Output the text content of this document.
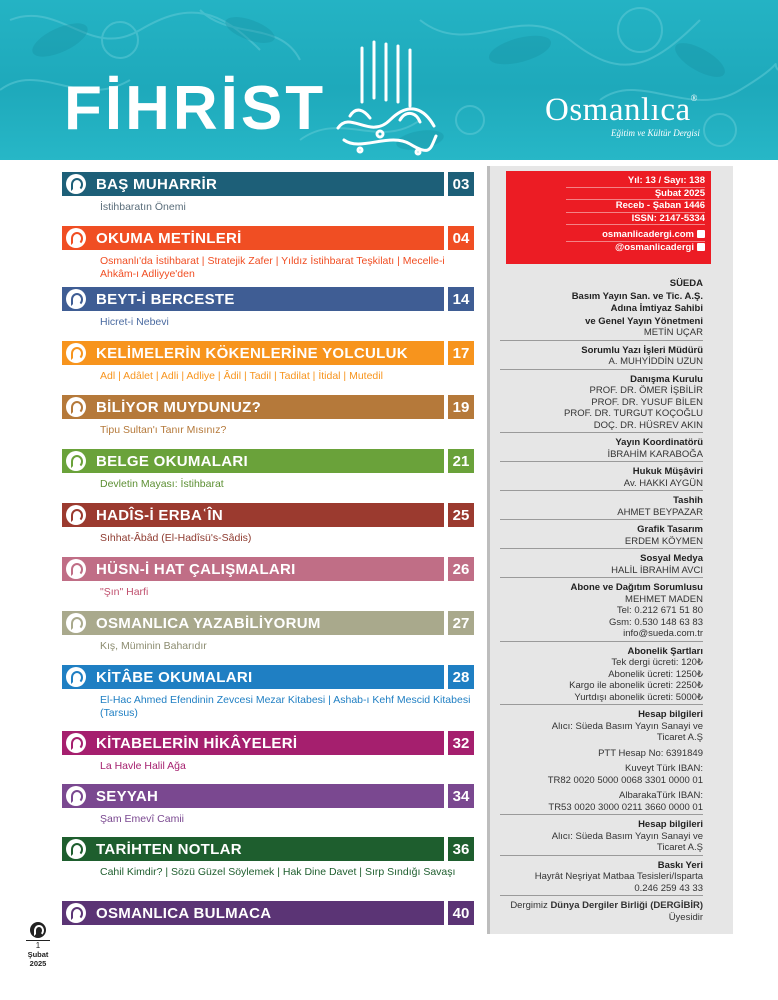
FİHRİST	Osmanlıca®
Eğitim ve Kültür Dergisi
BAŞ MUHARRİR	03
İstihbaratın Önemi
OKUMA METİNLERİ	04
Osmanlı'da İstihbarat | Stratejik Zafer | Yıldız İstihbarat Teşkilatı | Mecelle-i Ahkâm-ı Adliyye'den
BEYT-İ BERCESTE	14
Hicret-i Nebevi
KELİMELERİN KÖKENLERİNE YOLCULUK	17
Adl | Adâlet | Adli | Adliye | Âdil | Tadil | Tadilat | İtidal | Mutedil
BİLİYOR MUYDUNUZ?	19
Tipu Sultan'ı Tanır Mısınız?
BELGE OKUMALARI	21
Devletin Mayası: İstihbarat
HADÎS-İ ERBAʿÎN	25
Sıhhat-Âbâd (El-Hadîsü's-Sâdis)
HÜSN-İ HAT ÇALIŞMALARI	26
"Şın" Harfi
OSMANLICA YAZABİLİYORUM	27
Kış, Müminin Baharıdır
KİTÂBE OKUMALARI	28
El-Hac Ahmed Efendinin Zevcesi Mezar Kitabesi | Ashab-ı Kehf Mescid Kitabesi (Tarsus)
KİTABELERİN HİKÂYELERİ	32
La Havle Halil Ağa
SEYYAH	34
Şam Emevî Camii
TARİHTEN NOTLAR	36
Cahil Kimdir? | Sözü Güzel Söylemek | Hak Dine Davet | Sırp Sındığı Savaşı
OSMANLICA BULMACA	40
Yıl: 13 / Sayı: 138
Şubat 2025
Receb - Şaban 1446
ISSN: 2147-5334
osmanlicadergi.com
@osmanlicadergi
SÜEDA
Basım Yayın San. ve Tic. A.Ş.
Adına İmtiyaz Sahibi
ve Genel Yayın Yönetmeni
METİN UÇAR
Sorumlu Yazı İşleri Müdürü
A. MUHYİDDİN UZUN
Danışma Kurulu
PROF. DR. ÖMER İŞBİLİR
PROF. DR. YUSUF BİLEN
PROF. DR. TURGUT KOÇOĞLU
DOÇ. DR. HÜSREV AKIN
Yayın Koordinatörü
İBRAHİM KARABOĞA
Hukuk Müşâviri
Av. HAKKI AYGÜN
Tashih
AHMET BEYPAZAR
Grafik Tasarım
ERDEM KÖYMEN
Sosyal Medya
HALİL İBRAHİM AVCI
Abone ve Dağıtım Sorumlusu
MEHMET MADEN
Tel: 0.212 671 51 80
Gsm: 0.530 148 63 83
info@sueda.com.tr
Abonelik Şartları
Tek dergi ücreti: 120₺
Abonelik ücreti: 1250₺
Kargo ile abonelik ücreti: 2250₺
Yurtdışı abonelik ücreti: 5000₺
Hesap bilgileri
Alıcı: Süeda Basım Yayın Sanayi ve
Ticaret A.Ş
PTT Hesap No: 6391849
Kuveyt Türk IBAN:
TR82 0020 5000 0068 3301 0000 01
AlbarakaTürk IBAN:
TR53 0020 3000 0211 3660 0000 01
Hesap bilgileri
Alıcı: Süeda Basım Yayın Sanayi ve
Ticaret A.Ş
Baskı Yeri
Hayrât Neşriyat Matbaa Tesisleri/Isparta
0.246 259 43 33
Dergimiz Dünya Dergiler Birliği (DERGİBİR)
Üyesidir
1
Şubat
2025
